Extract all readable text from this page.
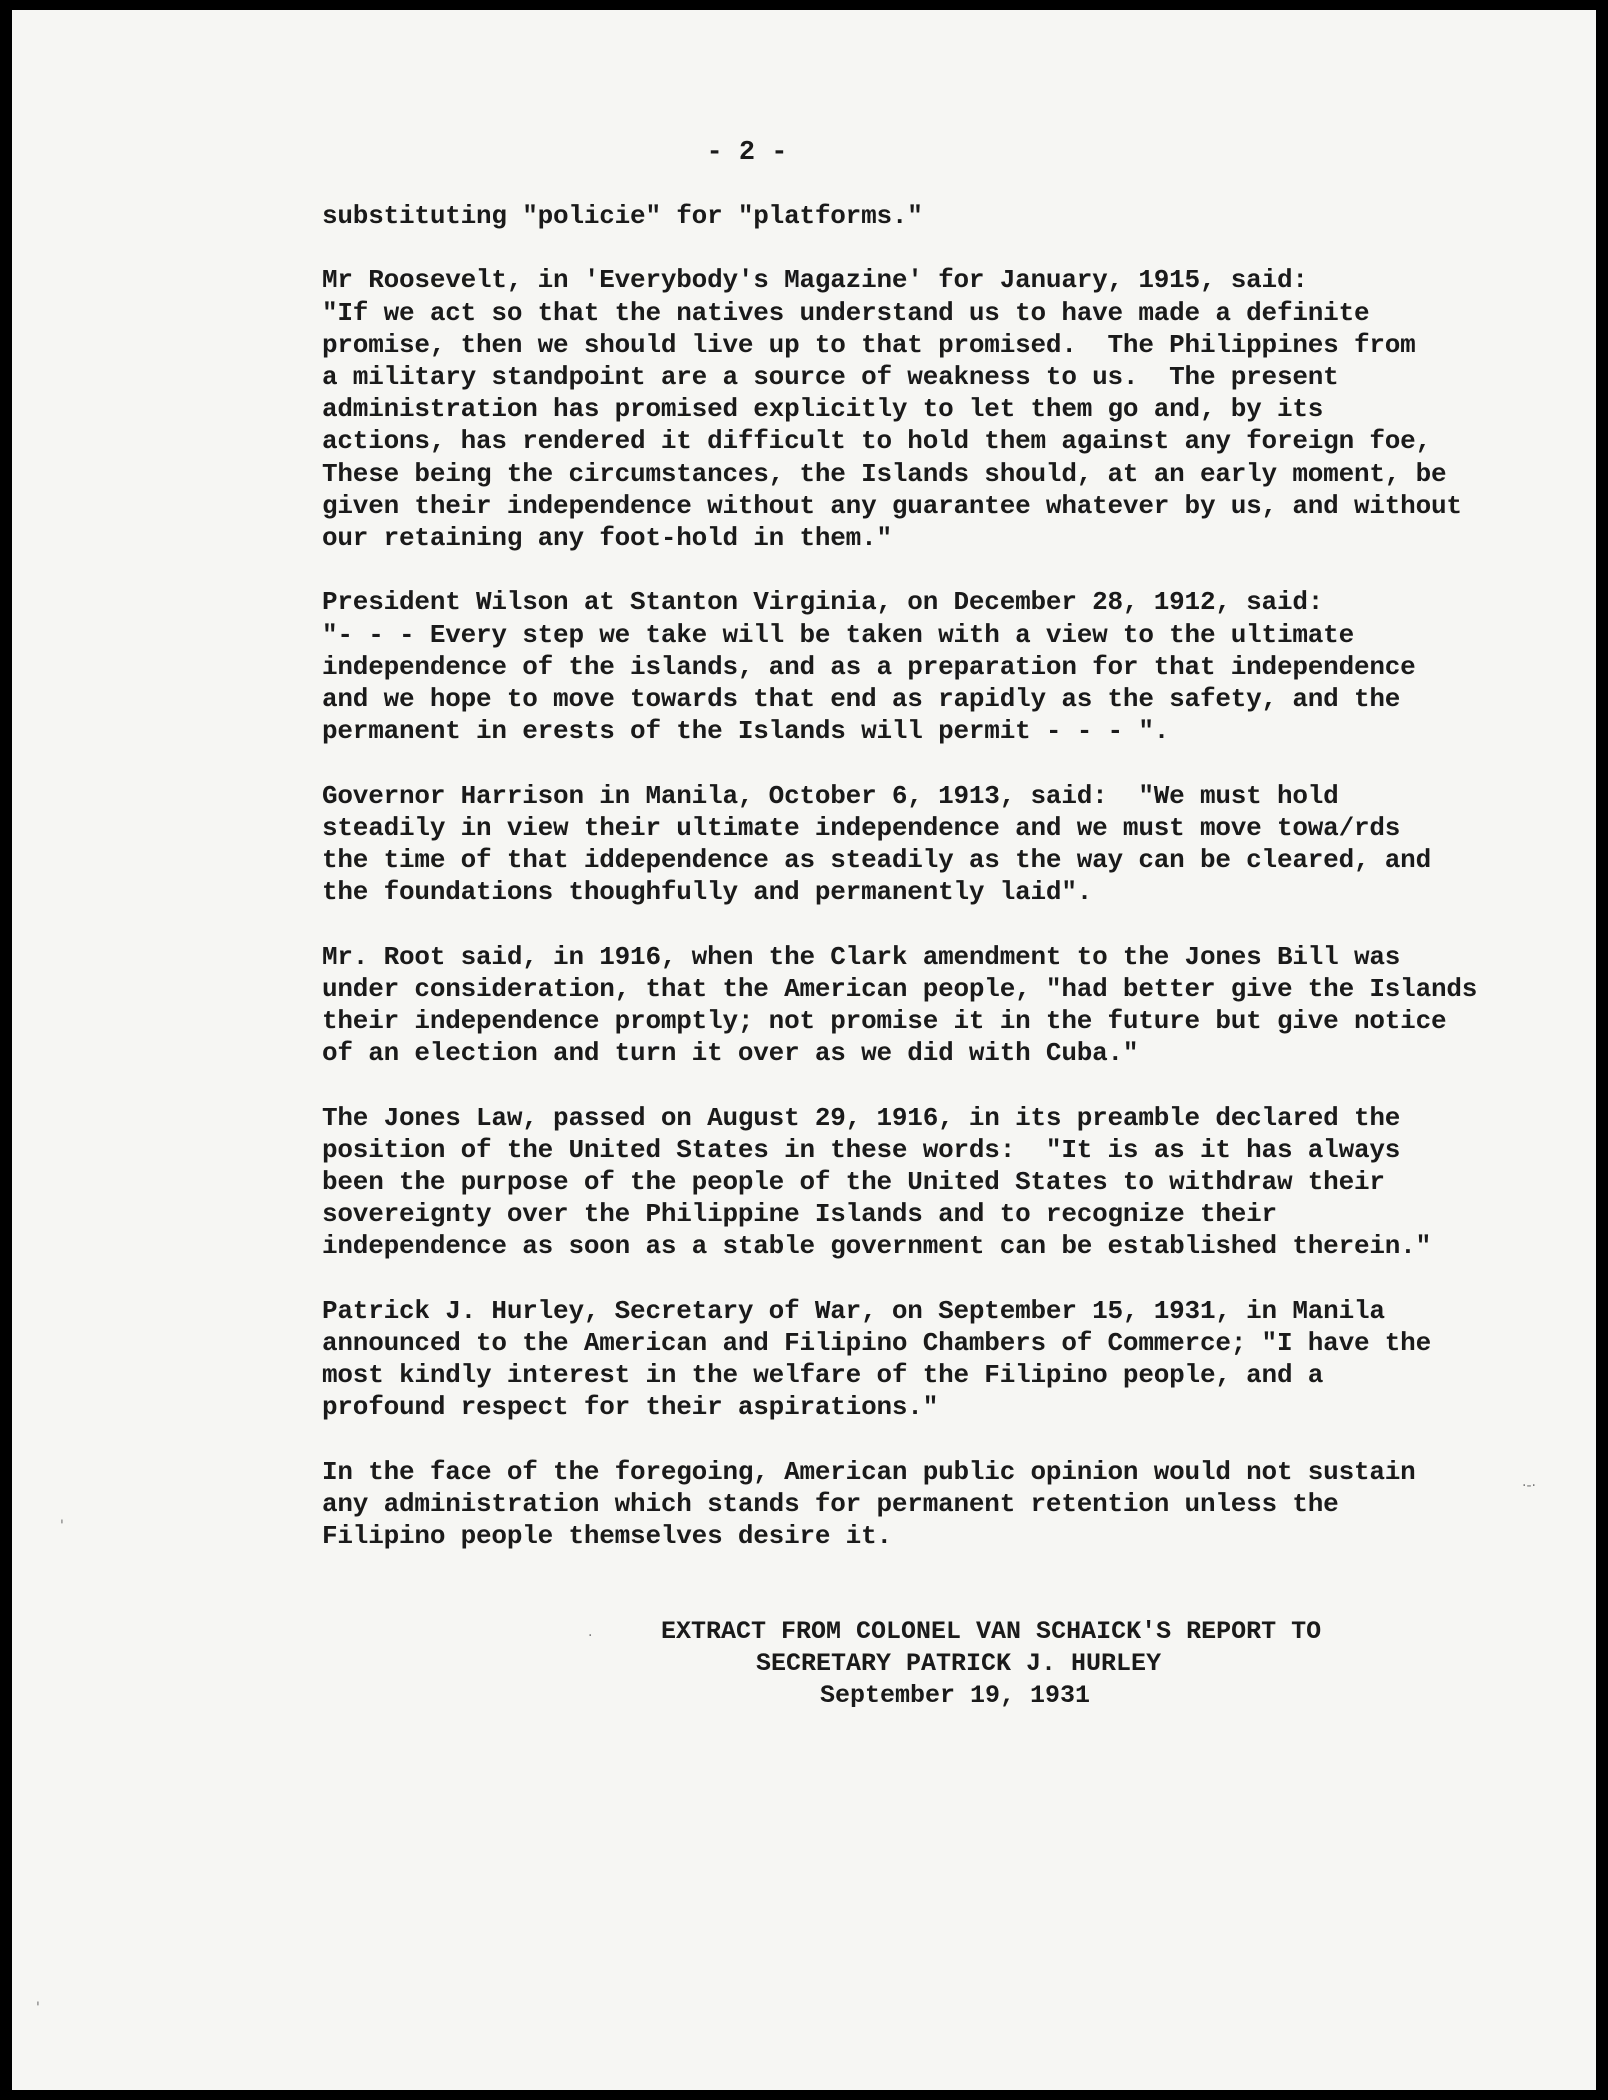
- 2 -
substituting "policie" for "platforms."
Mr Roosevelt, in 'Everybody's Magazine' for January, 1915, said:
"If we act so that the natives understand us to have made a definite
promise, then we should live up to that promised.  The Philippines from
a military standpoint are a source of weakness to us.  The present
administration has promised explicitly to let them go and, by its
actions, has rendered it difficult to hold them against any foreign foe,
These being the circumstances, the Islands should, at an early moment, be
given their independence without any guarantee whatever by us, and without
our retaining any foot-hold in them."
President Wilson at Stanton Virginia, on December 28, 1912, said:
"- - - Every step we take will be taken with a view to the ultimate
independence of the islands, and as a preparation for that independence
and we hope to move towards that end as rapidly as the safety, and the
permanent in erests of the Islands will permit - - - ".
Governor Harrison in Manila, October 6, 1913, said:  "We must hold
steadily in view their ultimate independence and we must move towa/rds
the time of that iddependence as steadily as the way can be cleared, and
the foundations thoughfully and permanently laid".
Mr. Root said, in 1916, when the Clark amendment to the Jones Bill was
under consideration, that the American people, "had better give the Islands
their independence promptly; not promise it in the future but give notice
of an election and turn it over as we did with Cuba."
The Jones Law, passed on August 29, 1916, in its preamble declared the
position of the United States in these words:  "It is as it has always
been the purpose of the people of the United States to withdraw their
sovereignty over the Philippine Islands and to recognize their
independence as soon as a stable government can be established therein."
Patrick J. Hurley, Secretary of War, on September 15, 1931, in Manila
announced to the American and Filipino Chambers of Commerce; "I have the
most kindly interest in the welfare of the Filipino people, and a
profound respect for their aspirations."
In the face of the foregoing, American public opinion would not sustain
any administration which stands for permanent retention unless the
Filipino people themselves desire it.
EXTRACT FROM COLONEL VAN SCHAICK'S REPORT TO
SECRETARY PATRICK J. HURLEY
September 19, 1931
'
.
·‐·
'
